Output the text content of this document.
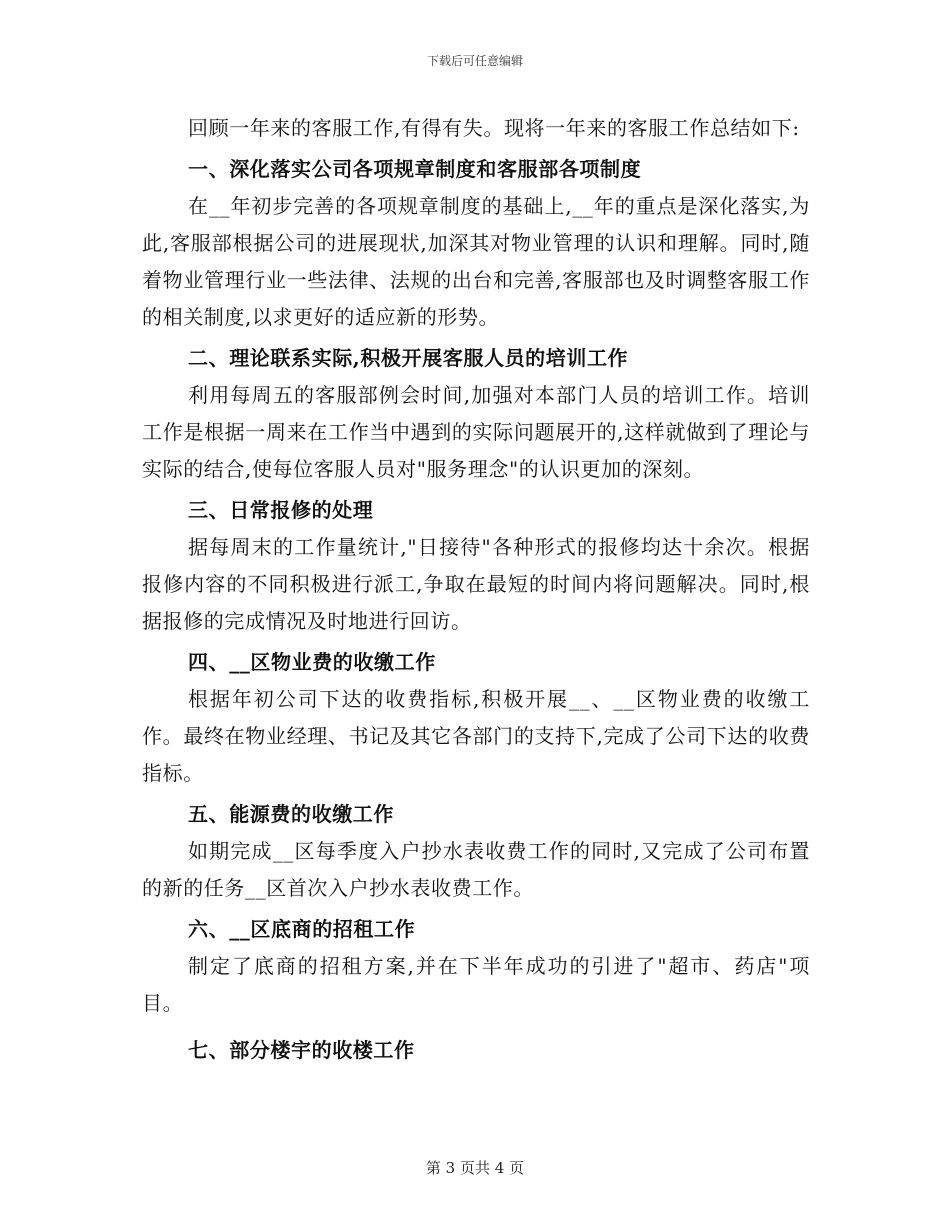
下载后可任意编辑

回顾一年来的客服工作,有得有失。现将一年来的客服工作总结如下:

一、深化落实公司各项规章制度和客服部各项制度

在__年初步完善的各项规章制度的基础上,__年的重点是深化落实,为此,客服部根据公司的进展现状,加深其对物业管理的认识和理解。同时,随着物业管理行业一些法律、法规的出台和完善,客服部也及时调整客服工作的相关制度,以求更好的适应新的形势。

二、理论联系实际,积极开展客服人员的培训工作

利用每周五的客服部例会时间,加强对本部门人员的培训工作。培训工作是根据一周来在工作当中遇到的实际问题展开的,这样就做到了理论与实际的结合,使每位客服人员对"服务理念"的认识更加的深刻。

三、日常报修的处理

据每周末的工作量统计,"日接待"各种形式的报修均达十余次。根据报修内容的不同积极进行派工,争取在最短的时间内将问题解决。同时,根据报修的完成情况及时地进行回访。

四、__区物业费的收缴工作

根据年初公司下达的收费指标,积极开展__、__区物业费的收缴工作。最终在物业经理、书记及其它各部门的支持下,完成了公司下达的收费指标。

五、能源费的收缴工作

如期完成__区每季度入户抄水表收费工作的同时,又完成了公司布置的新的任务__区首次入户抄水表收费工作。

六、__区底商的招租工作

制定了底商的招租方案,并在下半年成功的引进了"超市、药店"项目。

七、部分楼宇的收楼工作

第 3 页共 4 页
